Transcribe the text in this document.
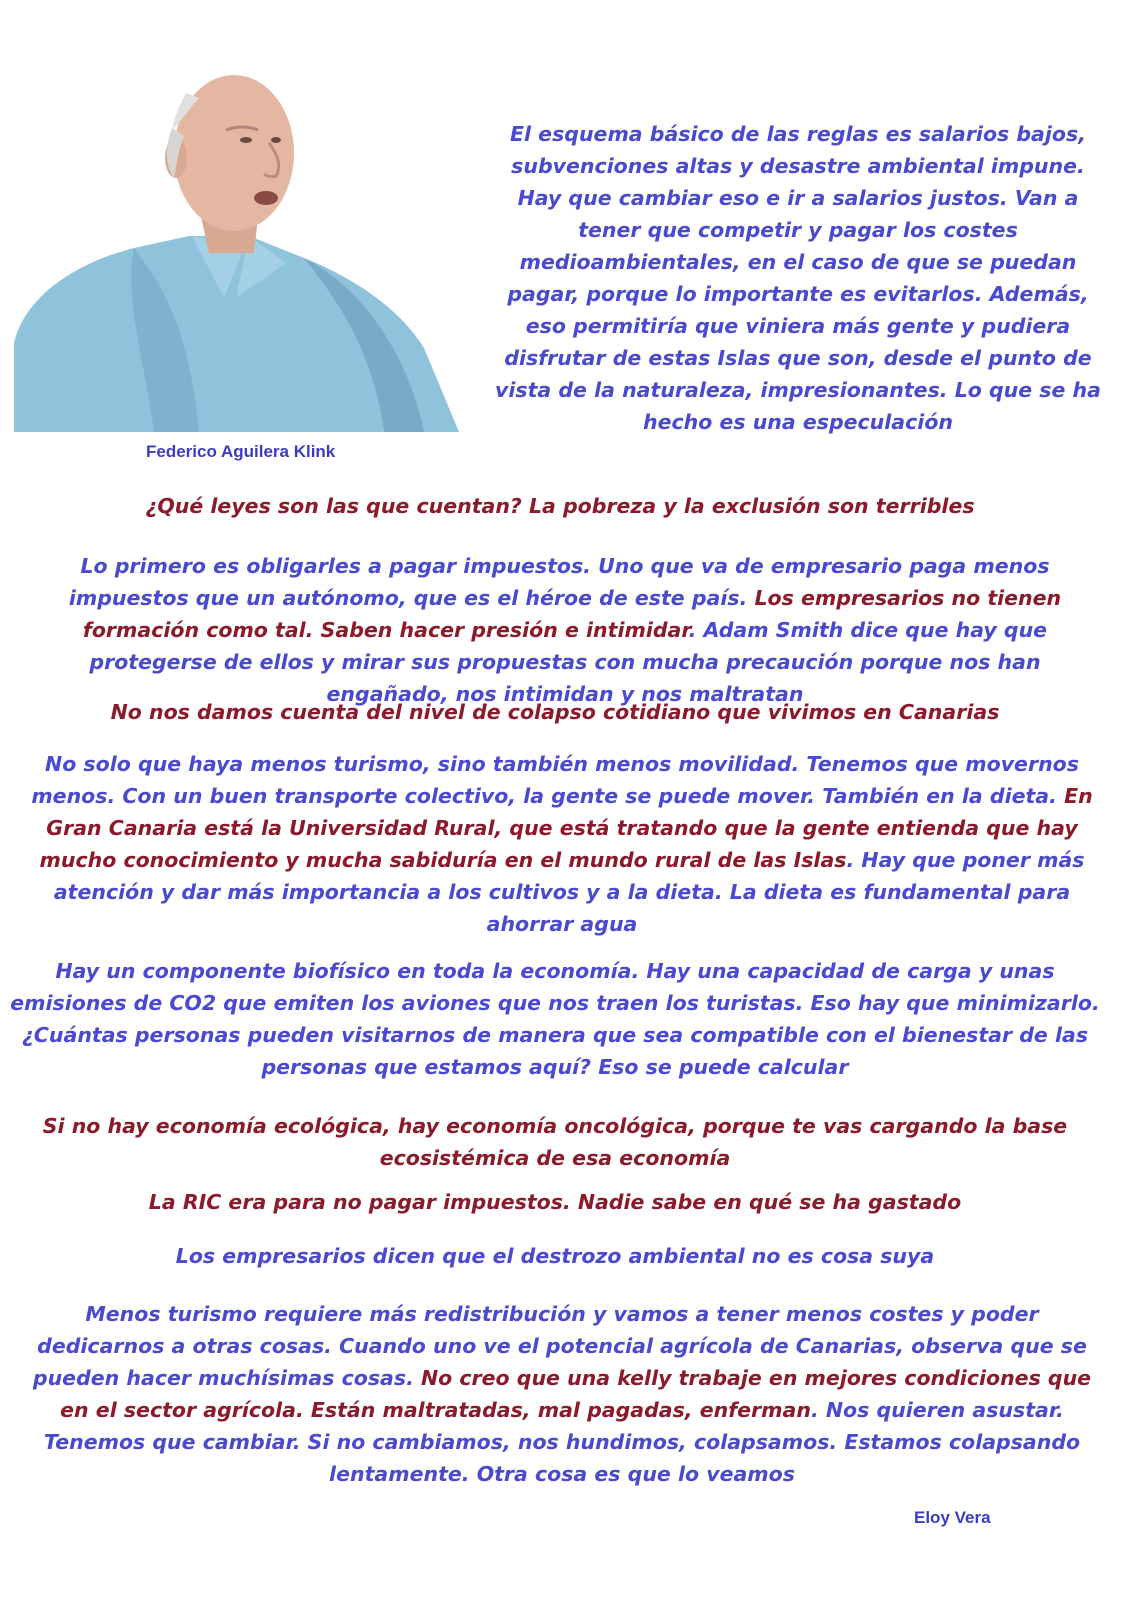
El esquema básico de las reglas es salarios bajos, subvenciones altas y desastre ambiental impune. Hay que cambiar eso e ir a salarios justos. Van a tener que competir y pagar los costes medioambientales, en el caso de que se puedan pagar, porque lo importante es evitarlos. Además, eso permitiría que viniera más gente y pudiera disfrutar de estas Islas que son, desde el punto de vista de la naturaleza, impresionantes. Lo que se ha hecho es una especulación
Federico Aguilera Klink
¿Qué leyes son las que cuentan? La pobreza y la exclusión son terribles
Lo primero es obligarles a pagar impuestos. Uno que va de empresario paga menos impuestos que un autónomo, que es el héroe de este país. Los empresarios no tienen formación como tal. Saben hacer presión e intimidar. Adam Smith dice que hay que protegerse de ellos y mirar sus propuestas con mucha precaución porque nos han engañado, nos intimidan y nos maltratan
No nos damos cuenta del nivel de colapso cotidiano que vivimos en Canarias
No solo que haya menos turismo, sino también menos movilidad. Tenemos que movernos menos. Con un buen transporte colectivo, la gente se puede mover. También en la dieta. En Gran Canaria está la Universidad Rural, que está tratando que la gente entienda que hay mucho conocimiento y mucha sabiduría en el mundo rural de las Islas. Hay que poner más atención y dar más importancia a los cultivos y a la dieta. La dieta es fundamental para ahorrar agua
Hay un componente biofísico en toda la economía. Hay una capacidad de carga y unas emisiones de CO2 que emiten los aviones que nos traen los turistas. Eso hay que minimizarlo. ¿Cuántas personas pueden visitarnos de manera que sea compatible con el bienestar de las personas que estamos aquí? Eso se puede calcular
Si no hay economía ecológica, hay economía oncológica, porque te vas cargando la base ecosistémica de esa economía
La RIC era para no pagar impuestos. Nadie sabe en qué se ha gastado
Los empresarios dicen que el destrozo ambiental no es cosa suya
Menos turismo requiere más redistribución y vamos a tener menos costes y poder dedicarnos a otras cosas. Cuando uno ve el potencial agrícola de Canarias, observa que se pueden hacer muchísimas cosas. No creo que una kelly trabaje en mejores condiciones que en el sector agrícola. Están maltratadas, mal pagadas, enferman. Nos quieren asustar. Tenemos que cambiar. Si no cambiamos, nos hundimos, colapsamos. Estamos colapsando lentamente. Otra cosa es que lo veamos
Eloy Vera
